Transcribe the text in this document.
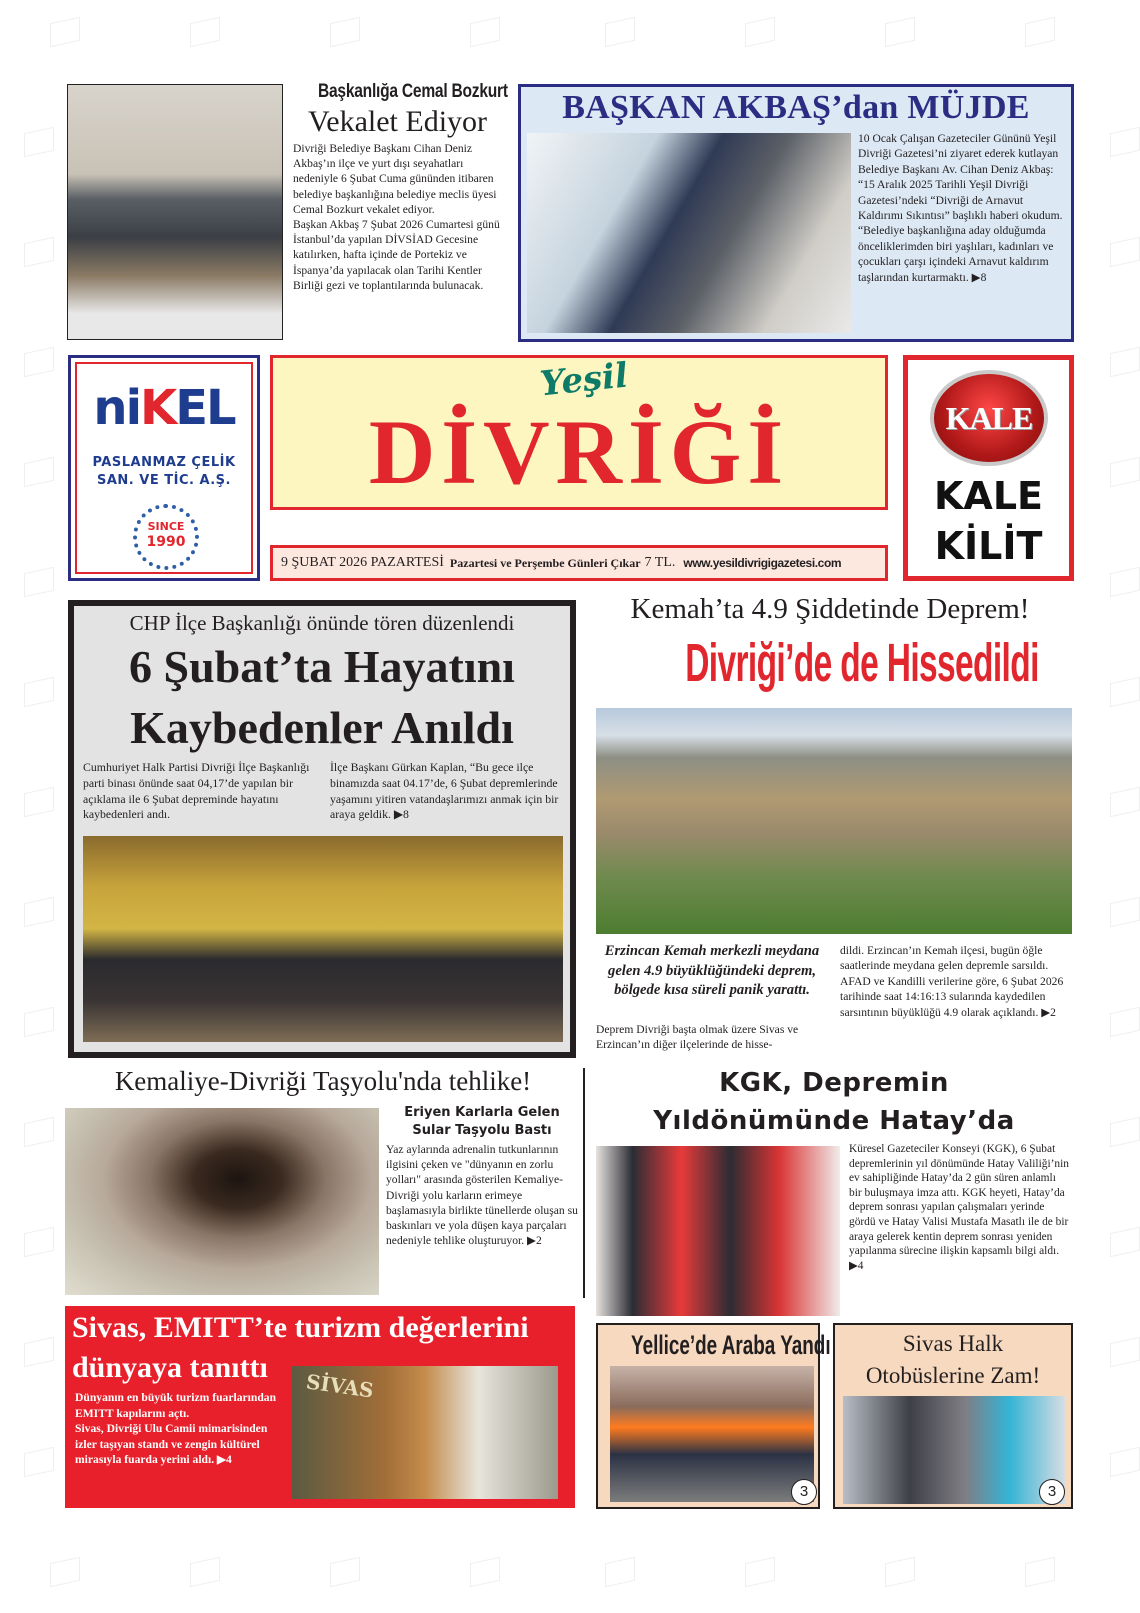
Başkanlığa Cemal Bozkurt
Vekalet Ediyor
Divriği Belediye Başkanı Cihan Deniz Akbaş’ın ilçe ve yurt dışı seyahatları nedeniyle 6 Şubat Cuma gününden itibaren belediye başkanlığına belediye meclis üyesi Cemal Bozkurt vekalet ediyor.
Başkan Akbaş 7 Şubat 2026 Cumartesi günü İstanbul’da yapılan DİVSİAD Gecesine katılırken, hafta içinde de Portekiz ve İspanya’da yapılacak olan Tarihi Kentler Birliği gezi ve toplantılarında bulunacak.
BAŞKAN AKBAŞ’dan MÜJDE
10 Ocak Çalışan Gazeteciler Gününü Yeşil Divriği Gazetesi’ni ziyaret ederek kutlayan Belediye Başkanı Av. Cihan Deniz Akbaş: “15 Aralık 2025 Tarihli Yeşil Divriği Gazetesi’ndeki “Divriği de Arnavut Kaldırımı Sıkıntısı” başlıklı haberi okudum. “Belediye başkanlığına aday olduğumda önceliklerimden biri yaşlıları, kadınları ve çocukları çarşı içindeki Arnavut kaldırım taşlarından kurtarmaktı. ▶8
niKEL
PASLANMAZ ÇELİK
SAN. VE TİC. A.Ş.
SINCE
1990
Yeşil
DİVRİĞİ
9 ŞUBAT 2026 PAZARTESİ Pazartesi ve Perşembe Günleri Çıkar 7 TL. www.yesildivrigigazetesi.com
KALE
KALE
KİLİT
CHP İlçe Başkanlığı önünde tören düzenlendi
6 Şubat’ta Hayatını
Kaybedenler Anıldı
Cumhuriyet Halk Partisi Divriği İlçe Başkanlığı parti binası önünde saat 04,17’de yapılan bir açıklama ile 6 Şubat depreminde hayatını kaybedenleri andı.
İlçe Başkanı Gürkan Kaplan, “Bu gece ilçe binamızda saat 04.17’de, 6 Şubat depremlerinde yaşamını yitiren vatandaşlarımızı anmak için bir araya geldik. ▶8
Kemah’ta 4.9 Şiddetinde Deprem!
Divriği’de de Hissedildi
Erzincan Kemah merkezli meydana gelen 4.9 büyüklüğündeki deprem, bölgede kısa süreli panik yarattı.
Deprem Divriği başta olmak üzere Sivas ve Erzincan’ın diğer ilçelerinde de hisse-
dildi. Erzincan’ın Kemah ilçesi, bugün öğle saatlerinde meydana gelen depremle sarsıldı. AFAD ve Kandilli verilerine göre, 6 Şubat 2026 tarihinde saat 14:16:13 sularında kaydedilen sarsıntının büyüklüğü 4.9 olarak açıklandı. ▶2
Kemaliye-Divriği Taşyolu'nda tehlike!
Eriyen Karlarla Gelen Sular Taşyolu Bastı
Yaz aylarında adrenalin tutkunlarının ilgisini çeken ve "dünyanın en zorlu yolları" arasında gösterilen Kemaliye-Divriği yolu karların erimeye başlamasıyla birlikte tünellerde oluşan su baskınları ve yola düşen kaya parçaları nedeniyle tehlike oluşturuyor. ▶2
KGK, Depremin
Yıldönümünde Hatay’da
Küresel Gazeteciler Konseyi (KGK), 6 Şubat depremlerinin yıl dönümünde Hatay Valiliği’nin ev sahipliğinde Hatay’da 2 gün süren anlamlı bir buluşmaya imza attı. KGK heyeti, Hatay’da deprem sonrası yapılan çalışmaları yerinde gördü ve Hatay Valisi Mustafa Masatlı ile de bir araya gelerek kentin deprem sonrası yeniden yapılanma sürecine ilişkin kapsamlı bilgi aldı. ▶4
Sivas, EMITT’te turizm değerlerini
dünyaya tanıttı
Dünyanın en büyük turizm fuarlarından EMITT kapılarını açtı.
Sivas, Divriği Ulu Camii mimarisinden izler taşıyan standı ve zengin kültürel mirasıyla fuarda yerini aldı. ▶4
SİVAS
Yellice’de Araba Yandı
3
Sivas Halk
Otobüslerine Zam!
3
